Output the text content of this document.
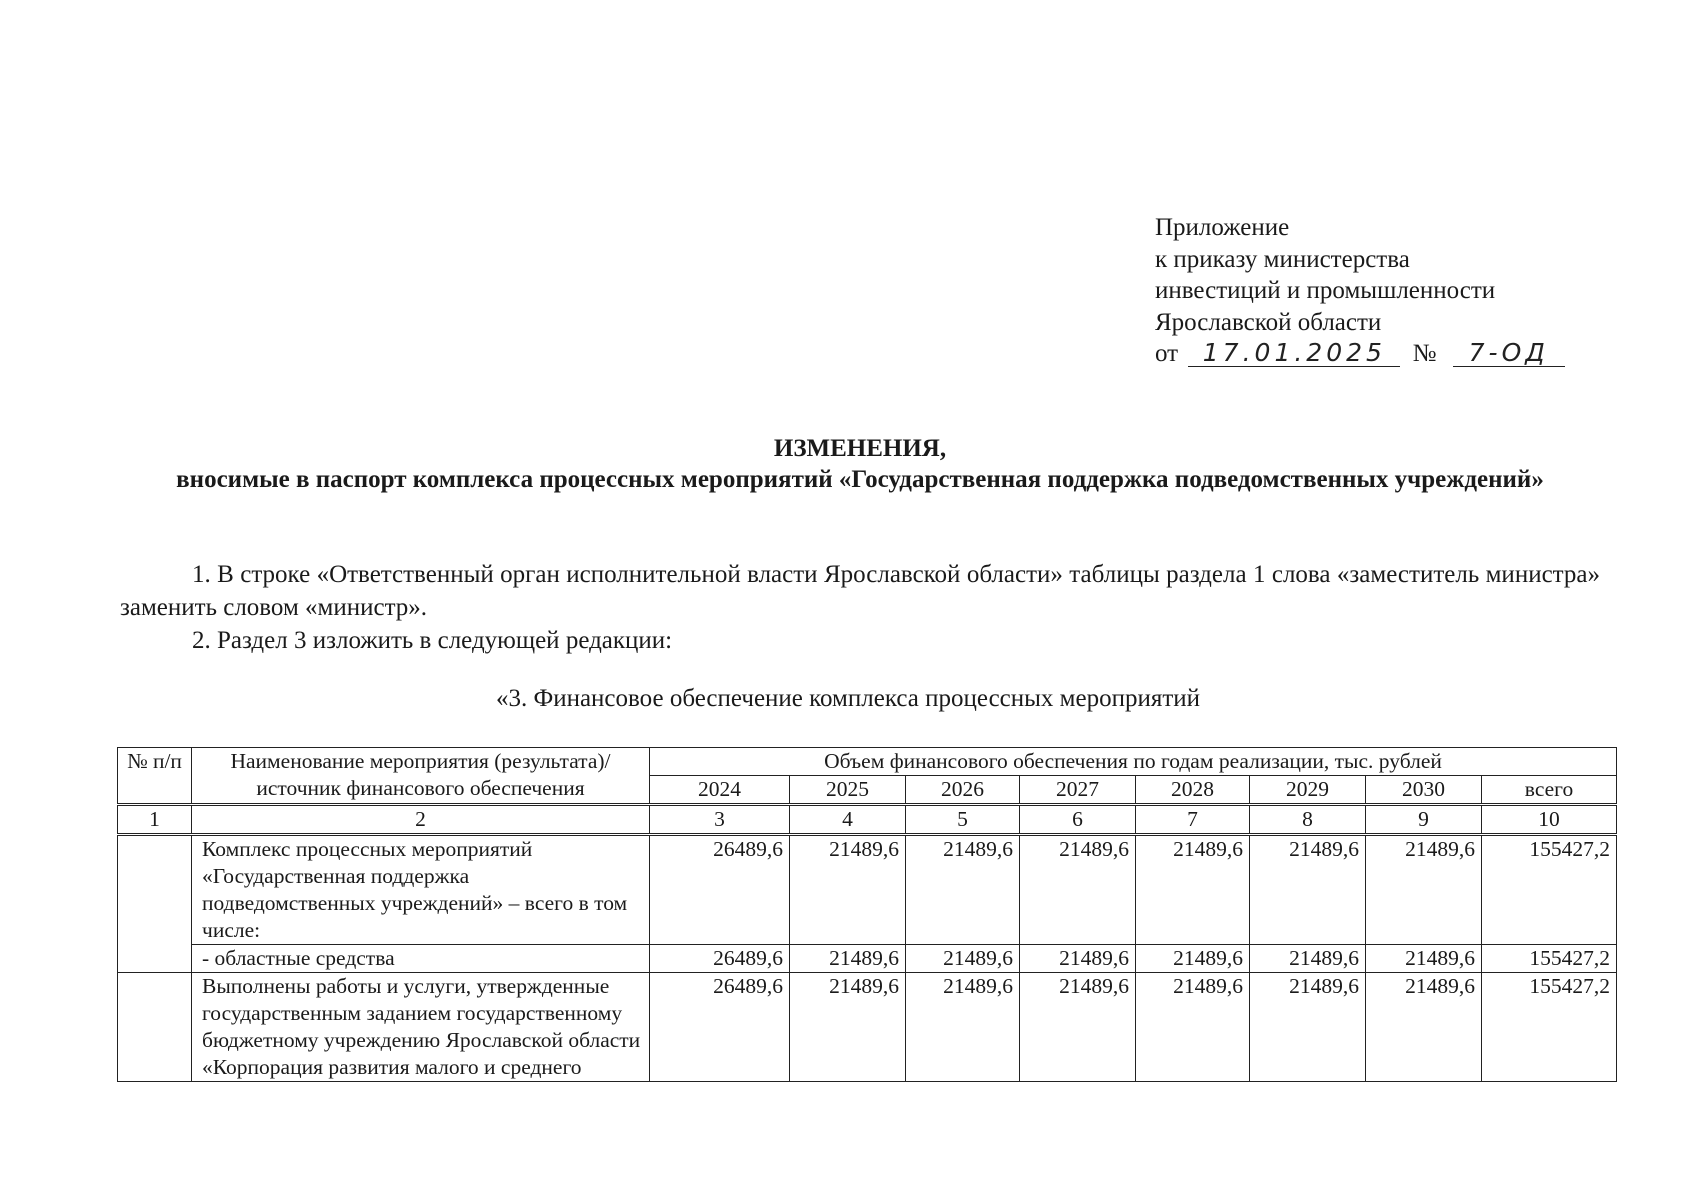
Приложение
к приказу министерства
инвестиций и промышленности
Ярославской области
от 17.01.2025 № 7-ОД
ИЗМЕНЕНИЯ,
вносимые в паспорт комплекса процессных мероприятий «Государственная поддержка подведомственных учреждений»
1. В строке «Ответственный орган исполнительной власти Ярославской области» таблицы раздела 1 слова «заместитель министра» заменить словом «министр».
2. Раздел 3 изложить в следующей редакции:
«3. Финансовое обеспечение комплекса процессных мероприятий
№ п/п	Наименование мероприятия (результата)/ источник финансового обеспечения	Объем финансового обеспечения по годам реализации, тыс. рублей							
		2024	2025	2026	2027	2028	2029	2030	всего
1	2	3	4	5	6	7	8	9	10
	Комплекс процессных мероприятий «Государственная поддержка подведомственных учреждений» – всего в том числе:	26489,6	21489,6	21489,6	21489,6	21489,6	21489,6	21489,6	155427,2
	- областные средства	26489,6	21489,6	21489,6	21489,6	21489,6	21489,6	21489,6	155427,2
	Выполнены работы и услуги, утвержденные государственным заданием государственному бюджетному учреждению Ярославской области «Корпорация развития малого и среднего	26489,6	21489,6	21489,6	21489,6	21489,6	21489,6	21489,6	155427,2
